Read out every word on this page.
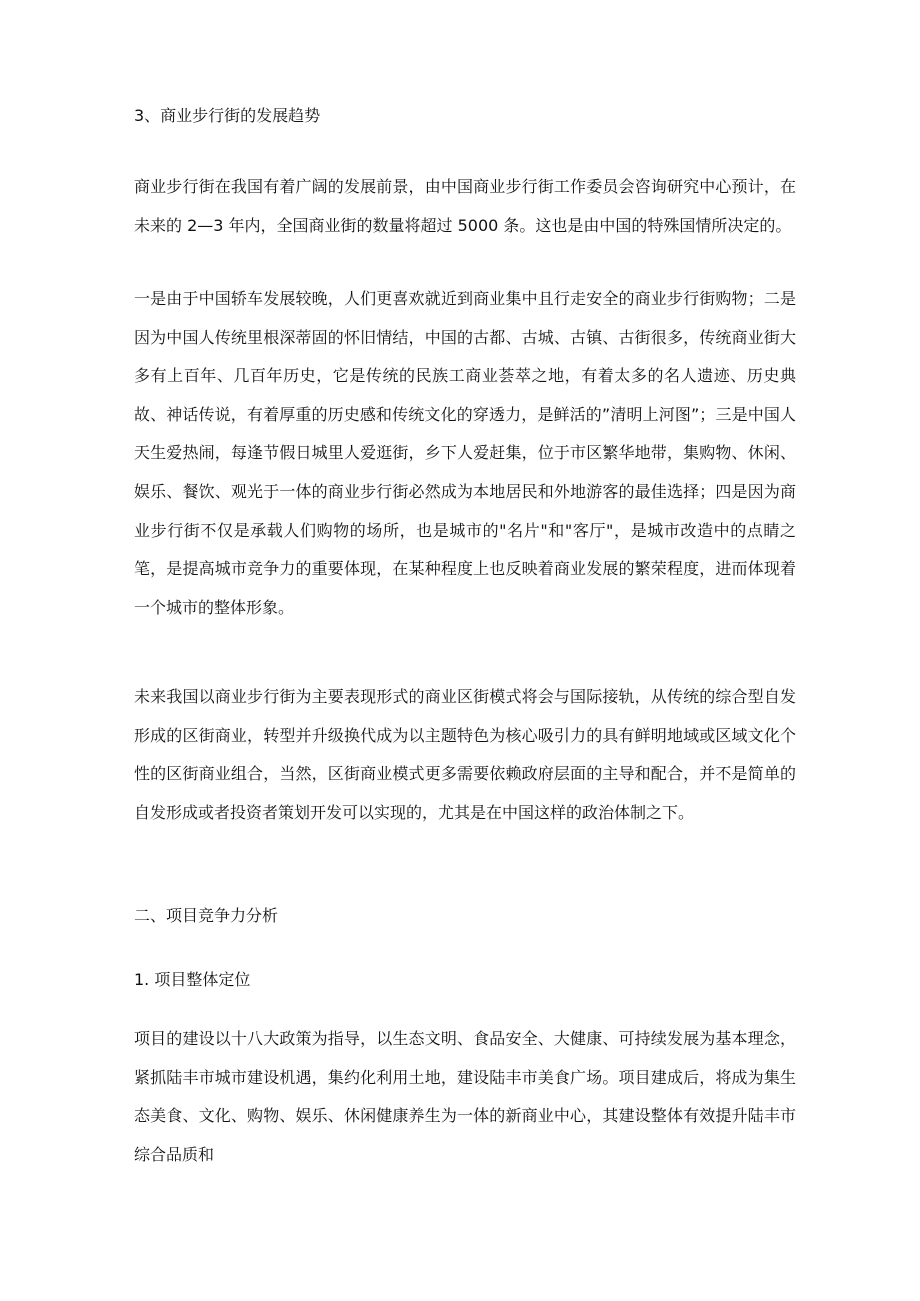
3、商业步行街的发展趋势

商业步行街在我国有着广阔的发展前景，由中国商业步行街工作委员会咨询研究中心预计，在未来的 2—3 年内，全国商业街的数量将超过 5000 条。这也是由中国的特殊国情所决定的。

一是由于中国轿车发展较晚，人们更喜欢就近到商业集中且行走安全的商业步行街购物；二是因为中国人传统里根深蒂固的怀旧情结，中国的古都、古城、古镇、古街很多，传统商业街大多有上百年、几百年历史，它是传统的民族工商业荟萃之地，有着太多的名人遗迹、历史典故、神话传说，有着厚重的历史感和传统文化的穿透力，是鲜活的”清明上河图”；三是中国人天生爱热闹，每逢节假日城里人爱逛街，乡下人爱赶集，位于市区繁华地带，集购物、休闲、娱乐、餐饮、观光于一体的商业步行街必然成为本地居民和外地游客的最佳选择；四是因为商业步行街不仅是承载人们购物的场所，也是城市的"名片"和"客厅"，是城市改造中的点睛之笔，是提高城市竞争力的重要体现，在某种程度上也反映着商业发展的繁荣程度，进而体现着一个城市的整体形象。

未来我国以商业步行街为主要表现形式的商业区街模式将会与国际接轨，从传统的综合型自发形成的区街商业，转型并升级换代成为以主题特色为核心吸引力的具有鲜明地域或区域文化个性的区街商业组合，当然，区街商业模式更多需要依赖政府层面的主导和配合，并不是简单的自发形成或者投资者策划开发可以实现的，尤其是在中国这样的政治体制之下。

二、项目竞争力分析
1. 项目整体定位

项目的建设以十八大政策为指导，以生态文明、食品安全、大健康、可持续发展为基本理念，紧抓陆丰市城市建设机遇，集约化利用土地，建设陆丰市美食广场。项目建成后，将成为集生态美食、文化、购物、娱乐、休闲健康养生为一体的新商业中心，其建设整体有效提升陆丰市综合品质和
